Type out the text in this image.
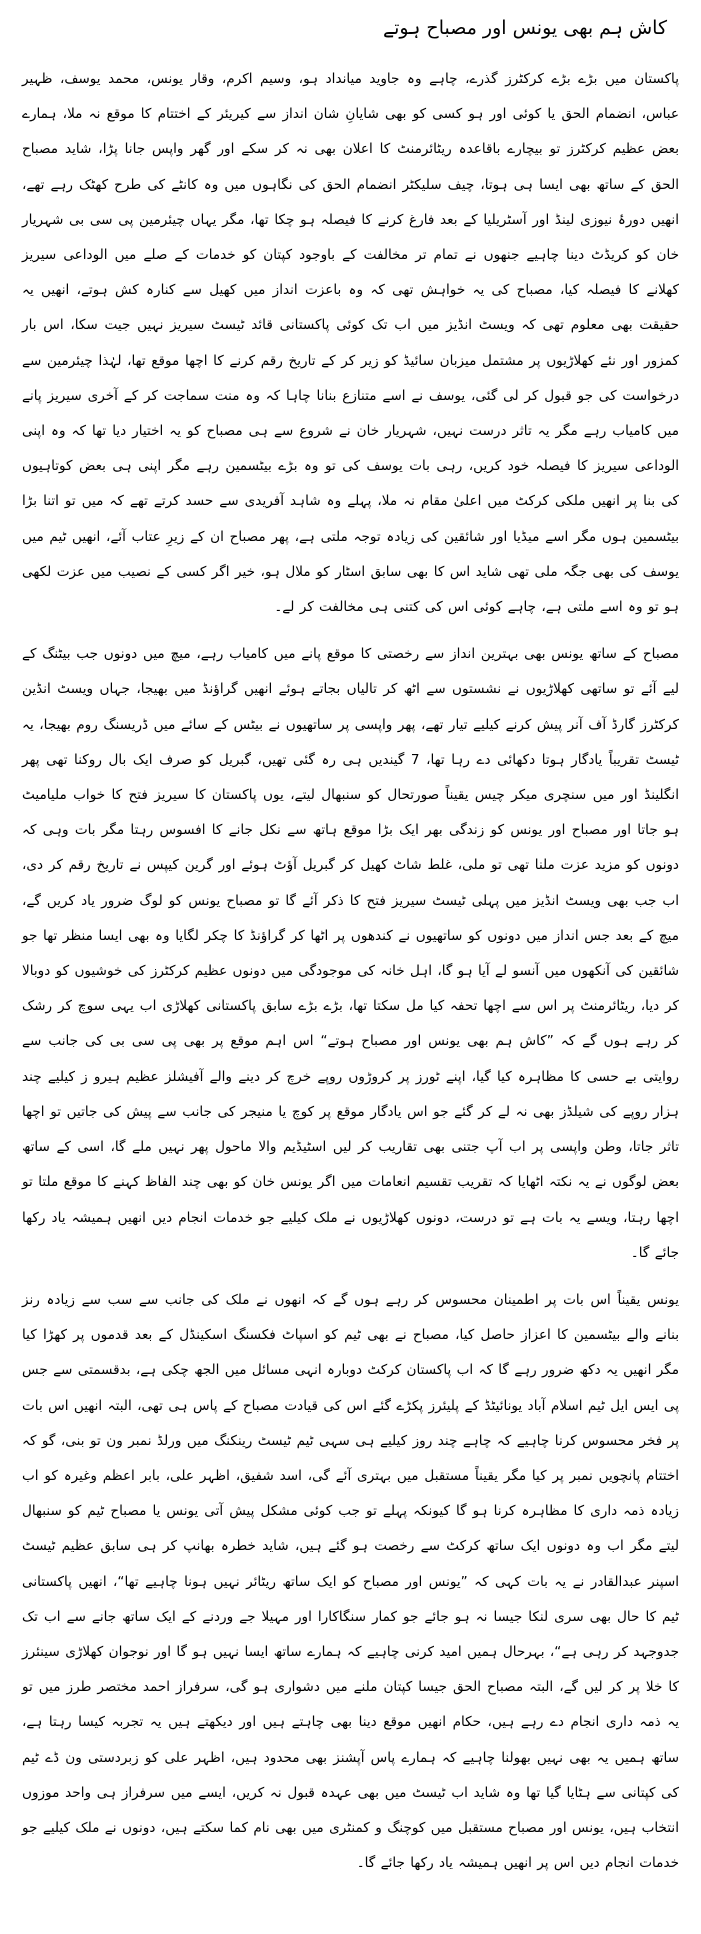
کاش ہم بھی یونس اور مصباح ہوتے

پاکستان میں بڑے بڑے کرکٹرز گذرے، چاہے وہ جاوید میانداد ہو، وسیم اکرم، وقار یونس، محمد یوسف، ظہیر عباس، انضمام الحق یا کوئی اور ہو کسی کو بھی شایانِ شان انداز سے کیریئر کے اختتام کا موقع نہ ملا، ہمارے بعض عظیم کرکٹرز تو بیچارے باقاعدہ ریٹائرمنٹ کا اعلان بھی نہ کر سکے اور گھر واپس جانا پڑا، شاید مصباح الحق کے ساتھ بھی ایسا ہی ہوتا، چیف سلیکٹر انضمام الحق کی نگاہوں میں وہ کانٹے کی طرح کھٹک رہے تھے، انھیں دورۂ نیوزی لینڈ اور آسٹریلیا کے بعد فارغ کرنے کا فیصلہ ہو چکا تھا، مگر یہاں چیئرمین پی سی بی شہریار خان کو کریڈٹ دینا چاہیے جنھوں نے تمام تر مخالفت کے باوجود کپتان کو خدمات کے صلے میں الوداعی سیریز کھلانے کا فیصلہ کیا، مصباح کی یہ خواہش تھی کہ وہ باعزت انداز میں کھیل سے کنارہ کش ہوتے، انھیں یہ حقیقت بھی معلوم تھی کہ ویسٹ انڈیز میں اب تک کوئی پاکستانی قائد ٹیسٹ سیریز نہیں جیت سکا، اس بار کمزور اور نئے کھلاڑیوں پر مشتمل میزبان سائیڈ کو زیر کر کے تاریخ رقم کرنے کا اچھا موقع تھا، لہٰذا چیئرمین سے درخواست کی جو قبول کر لی گئی، یوسف نے اسے متنازع بنانا چاہا کہ وہ منت سماجت کر کے آخری سیریز پانے میں کامیاب رہے مگر یہ تاثر درست نہیں، شہریار خان نے شروع سے ہی مصباح کو یہ اختیار دیا تھا کہ وہ اپنی الوداعی سیریز کا فیصلہ خود کریں، رہی بات یوسف کی تو وہ بڑے بیٹسمین رہے مگر اپنی ہی بعض کوتاہیوں کی بنا پر انھیں ملکی کرکٹ میں اعلیٰ مقام نہ ملا، پہلے وہ شاہد آفریدی سے حسد کرتے تھے کہ میں تو اتنا بڑا بیٹسمین ہوں مگر اسے میڈیا اور شائقین کی زیادہ توجہ ملتی ہے، پھر مصباح ان کے زیرِ عتاب آئے، انھیں ٹیم میں یوسف کی بھی جگہ ملی تھی شاید اس کا بھی سابق اسٹار کو ملال ہو، خیر اگر کسی کے نصیب میں عزت لکھی ہو تو وہ اسے ملتی ہے، چاہے کوئی اس کی کتنی ہی مخالفت کر لے۔

مصباح کے ساتھ یونس بھی بہترین انداز سے رخصتی کا موقع پانے میں کامیاب رہے، میچ میں دونوں جب بیٹنگ کے لیے آئے تو ساتھی کھلاڑیوں نے نشستوں سے اٹھ کر تالیاں بجاتے ہوئے انھیں گراؤنڈ میں بھیجا، جہاں ویسٹ انڈین کرکٹرز گارڈ آف آنر پیش کرنے کیلیے تیار تھے، پھر واپسی پر ساتھیوں نے بیٹس کے سائے میں ڈریسنگ روم بھیجا، یہ ٹیسٹ تقریباً یادگار ہوتا دکھائی دے رہا تھا، 7 گیندیں ہی رہ گئی تھیں، گبریل کو صرف ایک بال روکنا تھی پھر انگلینڈ اور میں سنچری میکر چیس یقیناً صورتحال کو سنبھال لیتے، یوں پاکستان کا سیریز فتح کا خواب ملیامیٹ ہو جاتا اور مصباح اور یونس کو زندگی بھر ایک بڑا موقع ہاتھ سے نکل جانے کا افسوس رہتا مگر بات وہی کہ دونوں کو مزید عزت ملنا تھی تو ملی، غلط شاٹ کھیل کر گبریل آؤٹ ہوئے اور گرین کیپس نے تاریخ رقم کر دی، اب جب بھی ویسٹ انڈیز میں پہلی ٹیسٹ سیریز فتح کا ذکر آئے گا تو مصباح یونس کو لوگ ضرور یاد کریں گے، میچ کے بعد جس انداز میں دونوں کو ساتھیوں نے کندھوں پر اٹھا کر گراؤنڈ کا چکر لگایا وہ بھی ایسا منظر تھا جو شائقین کی آنکھوں میں آنسو لے آیا ہو گا، اہل خانہ کی موجودگی میں دونوں عظیم کرکٹرز کی خوشیوں کو دوبالا کر دیا، ریٹائرمنٹ پر اس سے اچھا تحفہ کیا مل سکتا تھا، بڑے بڑے سابق پاکستانی کھلاڑی اب یہی سوچ کر رشک کر رہے ہوں گے کہ ”کاش ہم بھی یونس اور مصباح ہوتے“ اس اہم موقع پر بھی پی سی بی کی جانب سے روایتی بے حسی کا مظاہرہ کیا گیا، اپنے ٹورز پر کروڑوں روپے خرچ کر دینے والے آفیشلز عظیم ہیرو ز کیلیے چند ہزار روپے کی شیلڈز بھی نہ لے کر گئے جو اس یادگار موقع پر کوچ یا منیجر کی جانب سے پیش کی جاتیں تو اچھا تاثر جاتا، وطن واپسی پر اب آپ جتنی بھی تقاریب کر لیں اسٹیڈیم والا ماحول پھر نہیں ملے گا، اسی کے ساتھ بعض لوگوں نے یہ نکتہ اٹھایا کہ تقریب تقسیم انعامات میں اگر یونس خان کو بھی چند الفاظ کہنے کا موقع ملتا تو اچھا رہتا، ویسے یہ بات ہے تو درست، دونوں کھلاڑیوں نے ملک کیلیے جو خدمات انجام دیں انھیں ہمیشہ یاد رکھا جائے گا۔

یونس یقیناً اس بات پر اطمینان محسوس کر رہے ہوں گے کہ انھوں نے ملک کی جانب سے سب سے زیادہ رنز بنانے والے بیٹسمین کا اعزاز حاصل کیا، مصباح نے بھی ٹیم کو اسپاٹ فکسنگ اسکینڈل کے بعد قدموں پر کھڑا کیا مگر انھیں یہ دکھ ضرور رہے گا کہ اب پاکستان کرکٹ دوبارہ انہی مسائل میں الجھ چکی ہے، بدقسمتی سے جس پی ایس ایل ٹیم اسلام آباد یونائیٹڈ کے پلیئرز پکڑے گئے اس کی قیادت مصباح کے پاس ہی تھی، البتہ انھیں اس بات پر فخر محسوس کرنا چاہیے کہ چاہے چند روز کیلیے ہی سہی ٹیم ٹیسٹ رینکنگ میں ورلڈ نمبر ون تو بنی، گو کہ اختتام پانچویں نمبر پر کیا مگر یقیناً مستقبل میں بہتری آئے گی، اسد شفیق، اظہر علی، بابر اعظم وغیرہ کو اب زیادہ ذمہ داری کا مظاہرہ کرنا ہو گا کیونکہ پہلے تو جب کوئی مشکل پیش آتی یونس یا مصباح ٹیم کو سنبھال لیتے مگر اب وہ دونوں ایک ساتھ کرکٹ سے رخصت ہو گئے ہیں، شاید خطرہ بھانپ کر ہی سابق عظیم ٹیسٹ اسپنر عبدالقادر نے یہ بات کہی کہ ”یونس اور مصباح کو ایک ساتھ ریٹائر نہیں ہونا چاہیے تھا“، انھیں پاکستانی ٹیم کا حال بھی سری لنکا جیسا نہ ہو جائے جو کمار سنگاکارا اور مہیلا جے وردنے کے ایک ساتھ جانے سے اب تک جدوجہد کر رہی ہے“، بہرحال ہمیں امید کرنی چاہیے کہ ہمارے ساتھ ایسا نہیں ہو گا اور نوجوان کھلاڑی سینئرز کا خلا پر کر لیں گے، البتہ مصباح الحق جیسا کپتان ملنے میں دشواری ہو گی، سرفراز احمد مختصر طرز میں تو یہ ذمہ داری انجام دے رہے ہیں، حکام انھیں موقع دینا بھی چاہتے ہیں اور دیکھتے ہیں یہ تجربہ کیسا رہتا ہے، ساتھ ہمیں یہ بھی نہیں بھولنا چاہیے کہ ہمارے پاس آپشنز بھی محدود ہیں، اظہر علی کو زبردستی ون ڈے ٹیم کی کپتانی سے ہٹایا گیا تھا وہ شاید اب ٹیسٹ میں بھی عہدہ قبول نہ کریں، ایسے میں سرفراز ہی واحد موزوں انتخاب ہیں، یونس اور مصباح مستقبل میں کوچنگ و کمنٹری میں بھی نام کما سکتے ہیں، دونوں نے ملک کیلیے جو خدمات انجام دیں اس پر انھیں ہمیشہ یاد رکھا جائے گا۔
